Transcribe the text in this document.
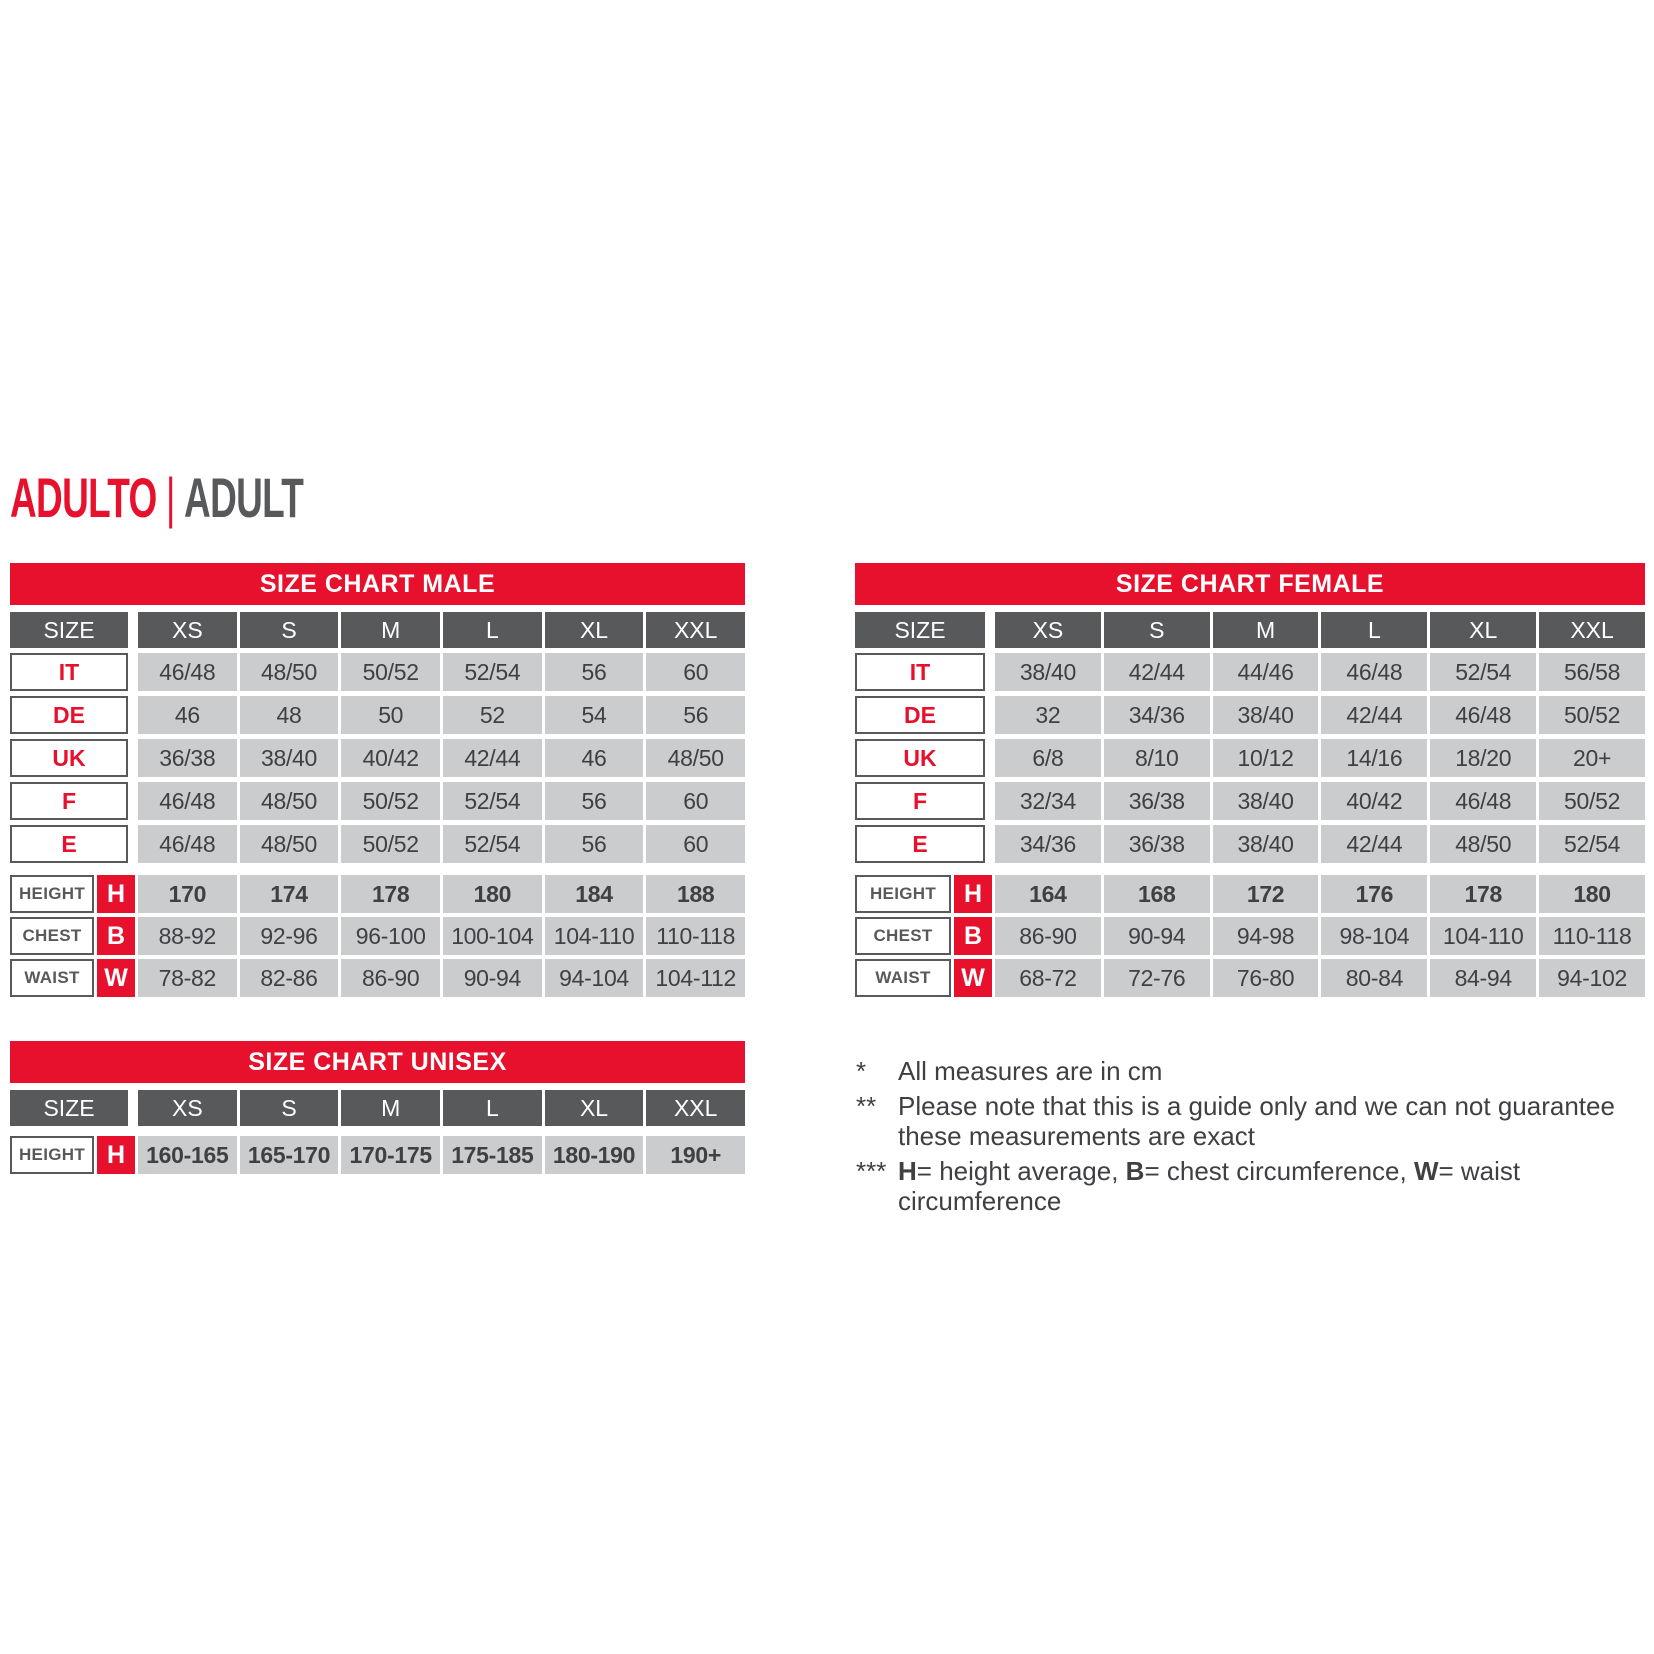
ADULTO | ADULT
SIZE CHART MALE
SIZE	XS	S	M	L	XL	XXL
IT	46/48	48/50	50/52	52/54	56	60
DE	46	48	50	52	54	56
UK	36/38	38/40	40/42	42/44	46	48/50
F	46/48	48/50	50/52	52/54	56	60
E	46/48	48/50	50/52	52/54	56	60
HEIGHT H	170	174	178	180	184	188
CHEST	B	88-92	92-96	96-100	100-104 104-110 110-118
WAIST W	78-82	82-86	86-90	90-94	94-104	104-112
SIZE CHART FEMALE
SIZE	XS	S	M	L	XL	XXL
IT	38/40	42/44	44/46	46/48	52/54	56/58
DE	32	34/36	38/40	42/44	46/48	50/52
UK	6/8	8/10	10/12	14/16	18/20	20+
F	32/34	36/38	38/40	40/42	46/48	50/52
E	34/36	36/38	38/40	42/44	48/50	52/54
HEIGHT	H	164	168	172	176	178	180
CHEST	B	86-90	90-94	94-98	98-104	104-110	110-118
WAIST	W	68-72	72-76	76-80	80-84	84-94	94-102
SIZE CHART UNISEX
SIZE	XS	S	M	L	XL	XXL
HEIGHT H 160-165 165-170 170-175 175-185 180-190	190+
*	All measures are in cm
** Please note that this is a guide only and we can not guarantee
these measurements are exact
*** H= height average, B= chest circumference, W= waist circumference
